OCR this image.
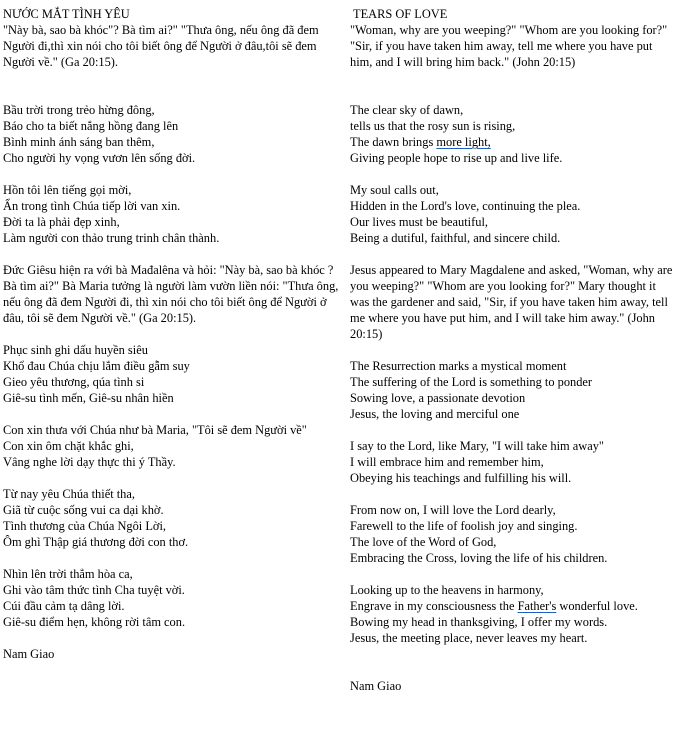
NƯỚC MẮT TÌNH YÊU

"Này bà, sao bà khóc"? Bà tìm ai?" "Thưa ông, nếu ông đã đem Người đi,thì xin nói cho tôi biết ông để Người ở đâu,tôi sẽ đem Người về." (Ga 20:15).

Bầu trời trong trẻo hừng đông,
Báo cho ta biết nắng hồng đang lên
Bình minh ánh sáng ban thêm,
Cho người hy vọng vươn lên sống đời.
Hồn tôi lên tiếng gọi mời,
Ẩn trong tình Chúa tiếp lời van xin.
Đời ta là phải đẹp xinh,
Làm người con thảo trung trinh chân thành.
Đức Giêsu hiện ra với bà Mađalêna và hỏi: "Này bà, sao bà khóc ? Bà tìm ai?" Bà Maria tưởng là người làm vườn liền nói: "Thưa ông, nếu ông đã đem Người đi, thì xin nói cho tôi biết ông để Người ở đâu, tôi sẽ đem Người về." (Ga 20:15).
Phục sinh ghi dấu huyền siêu
Khổ đau Chúa chịu lắm điều gẫm suy
Gieo yêu thương, qúa tình si
Giê-su tình mến, Giê-su nhân hiền
Con xin thưa với Chúa như bà Maria, "Tôi sẽ đem Người về"
Con xin ôm chặt khắc ghi,
Vâng nghe lời dạy thực thi ý Thầy.
Từ nay yêu Chúa thiết tha,
Giã từ cuộc sống vui ca dại khờ.
Tình thương của Chúa Ngôi Lời,
Ôm ghì Thập giá thương đời con thơ.
Nhìn lên trời thẳm hòa ca,
Ghi vào tâm thức tình Cha tuyệt vời.
Cúi đầu cảm tạ dâng lời.
Giê-su điểm hẹn, không rời tâm con.

Nam Giao

TEARS OF LOVE

"Woman, why are you weeping?" "Whom are you looking for?"
"Sir, if you have taken him away, tell me where you have put him, and I will bring him back." (John 20:15)

The clear sky of dawn,
tells us that the rosy sun is rising,
The dawn brings more light,
Giving people hope to rise up and live life.
My soul calls out,
Hidden in the Lord's love, continuing the plea.
Our lives must be beautiful,
Being a dutiful, faithful, and sincere child.
Jesus appeared to Mary Magdalene and asked, "Woman, why are you weeping?" "Whom are you looking for?" Mary thought it was the gardener and said, "Sir, if you have taken him away, tell me where you have put him, and I will take him away." (John 20:15)
The Resurrection marks a mystical moment
The suffering of the Lord is something to ponder
Sowing love, a passionate devotion
Jesus, the loving and merciful one
I say to the Lord, like Mary, "I will take him away"
I will embrace him and remember him,
Obeying his teachings and fulfilling his will.
From now on, I will love the Lord dearly,
Farewell to the life of foolish joy and singing.
The love of the Word of God,
Embracing the Cross, loving the life of his children.
Looking up to the heavens in harmony,
Engrave in my consciousness the Father's wonderful love.
Bowing my head in thanksgiving, I offer my words.
Jesus, the meeting place, never leaves my heart.

Nam Giao
